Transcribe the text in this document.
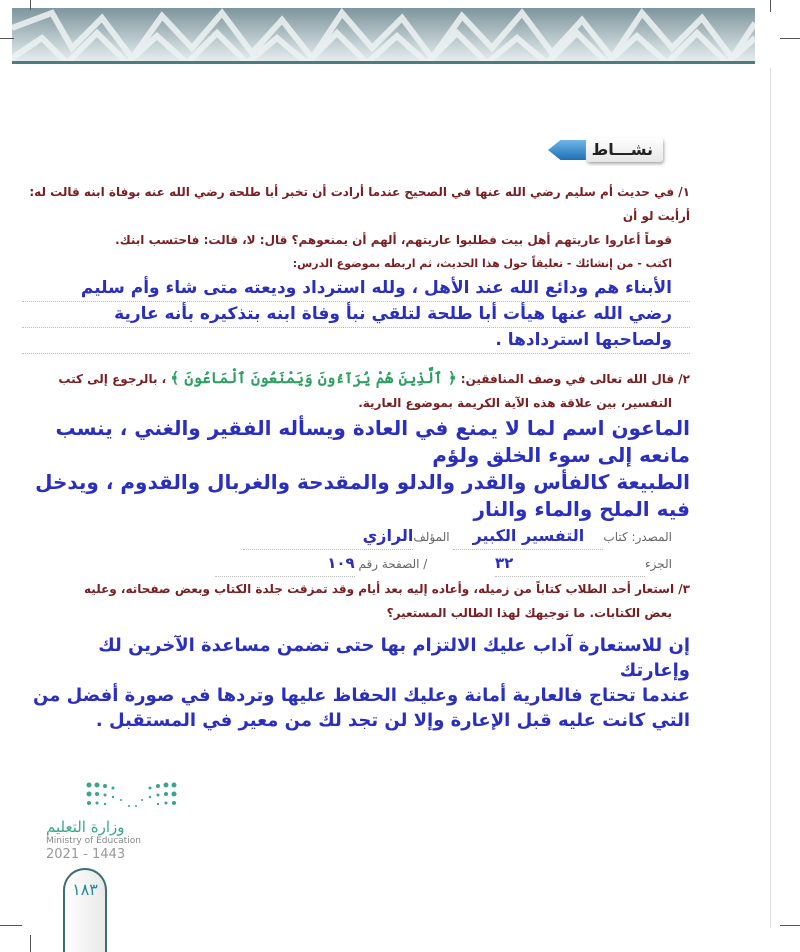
نشـــاط
١/ في حديث أم سليم رضي الله عنها في الصحيح عندما أرادت أن تخبر أبا طلحة رضي الله عنه بوفاة ابنه قالت له: أرأيت لو أن
قوماً أعاروا عاريتهم أهل بيت فطلبوا عاريتهم، ألهم أن يمنعوهم؟ قال: لا، قالت: فاحتسب ابنك.
اكتب - من إنشائك - تعليقاً حول هذا الحديث، ثم اربطه بموضوع الدرس:
الأبناء هم ودائع الله عند الأهل ، ولله استرداد وديعته متى شاء وأم سليم
رضي الله عنها هيأت أبا طلحة لتلقي نبأ وفاة ابنه بتذكيره بأنه عارية
ولصاحبها استردادها .
٢/ قال الله تعالى في وصف المنافقين: ﴿ ٱلَّذِينَ هُمْ يُرَآءُونَ وَيَمْنَعُونَ ٱلْمَاعُونَ ﴾ ، بالرجوع إلى كتب
التفسير، بين علاقة هذه الآية الكريمة بموضوع العارية.
الماعون اسم لما لا يمنع في العادة ويسأله الفقير والغني ، ينسب مانعه إلى سوء الخلق ولؤم
الطبيعة كالفأس والقدر والدلو والمقدحة والغربال والقدوم ، ويدخل فيه الملح والماء والنار
المصدر: كتابالتفسير الكبير المؤلفالرازي
الجزء٣٢  / الصفحة رقم ١٠٩
٣/ استعار أحد الطلاب كتاباً من زميله، وأعاده إليه بعد أيام وقد تمزقت جلدة الكتاب وبعض صفحاته، وعليه
بعض الكتابات. ما توجيهك لهذا الطالب المستعير؟
إن للاستعارة آداب عليك الالتزام بها حتى تضمن مساعدة الآخرين لك وإعارتك
عندما تحتاج فالعارية أمانة وعليك الحفاظ عليها وتردها في صورة أفضل من
التي كانت عليه قبل الإعارة وإلا لن تجد لك من معير في المستقبل .
وزارة التعليم
Ministry of Education
2021 - 1443
١٨٣
